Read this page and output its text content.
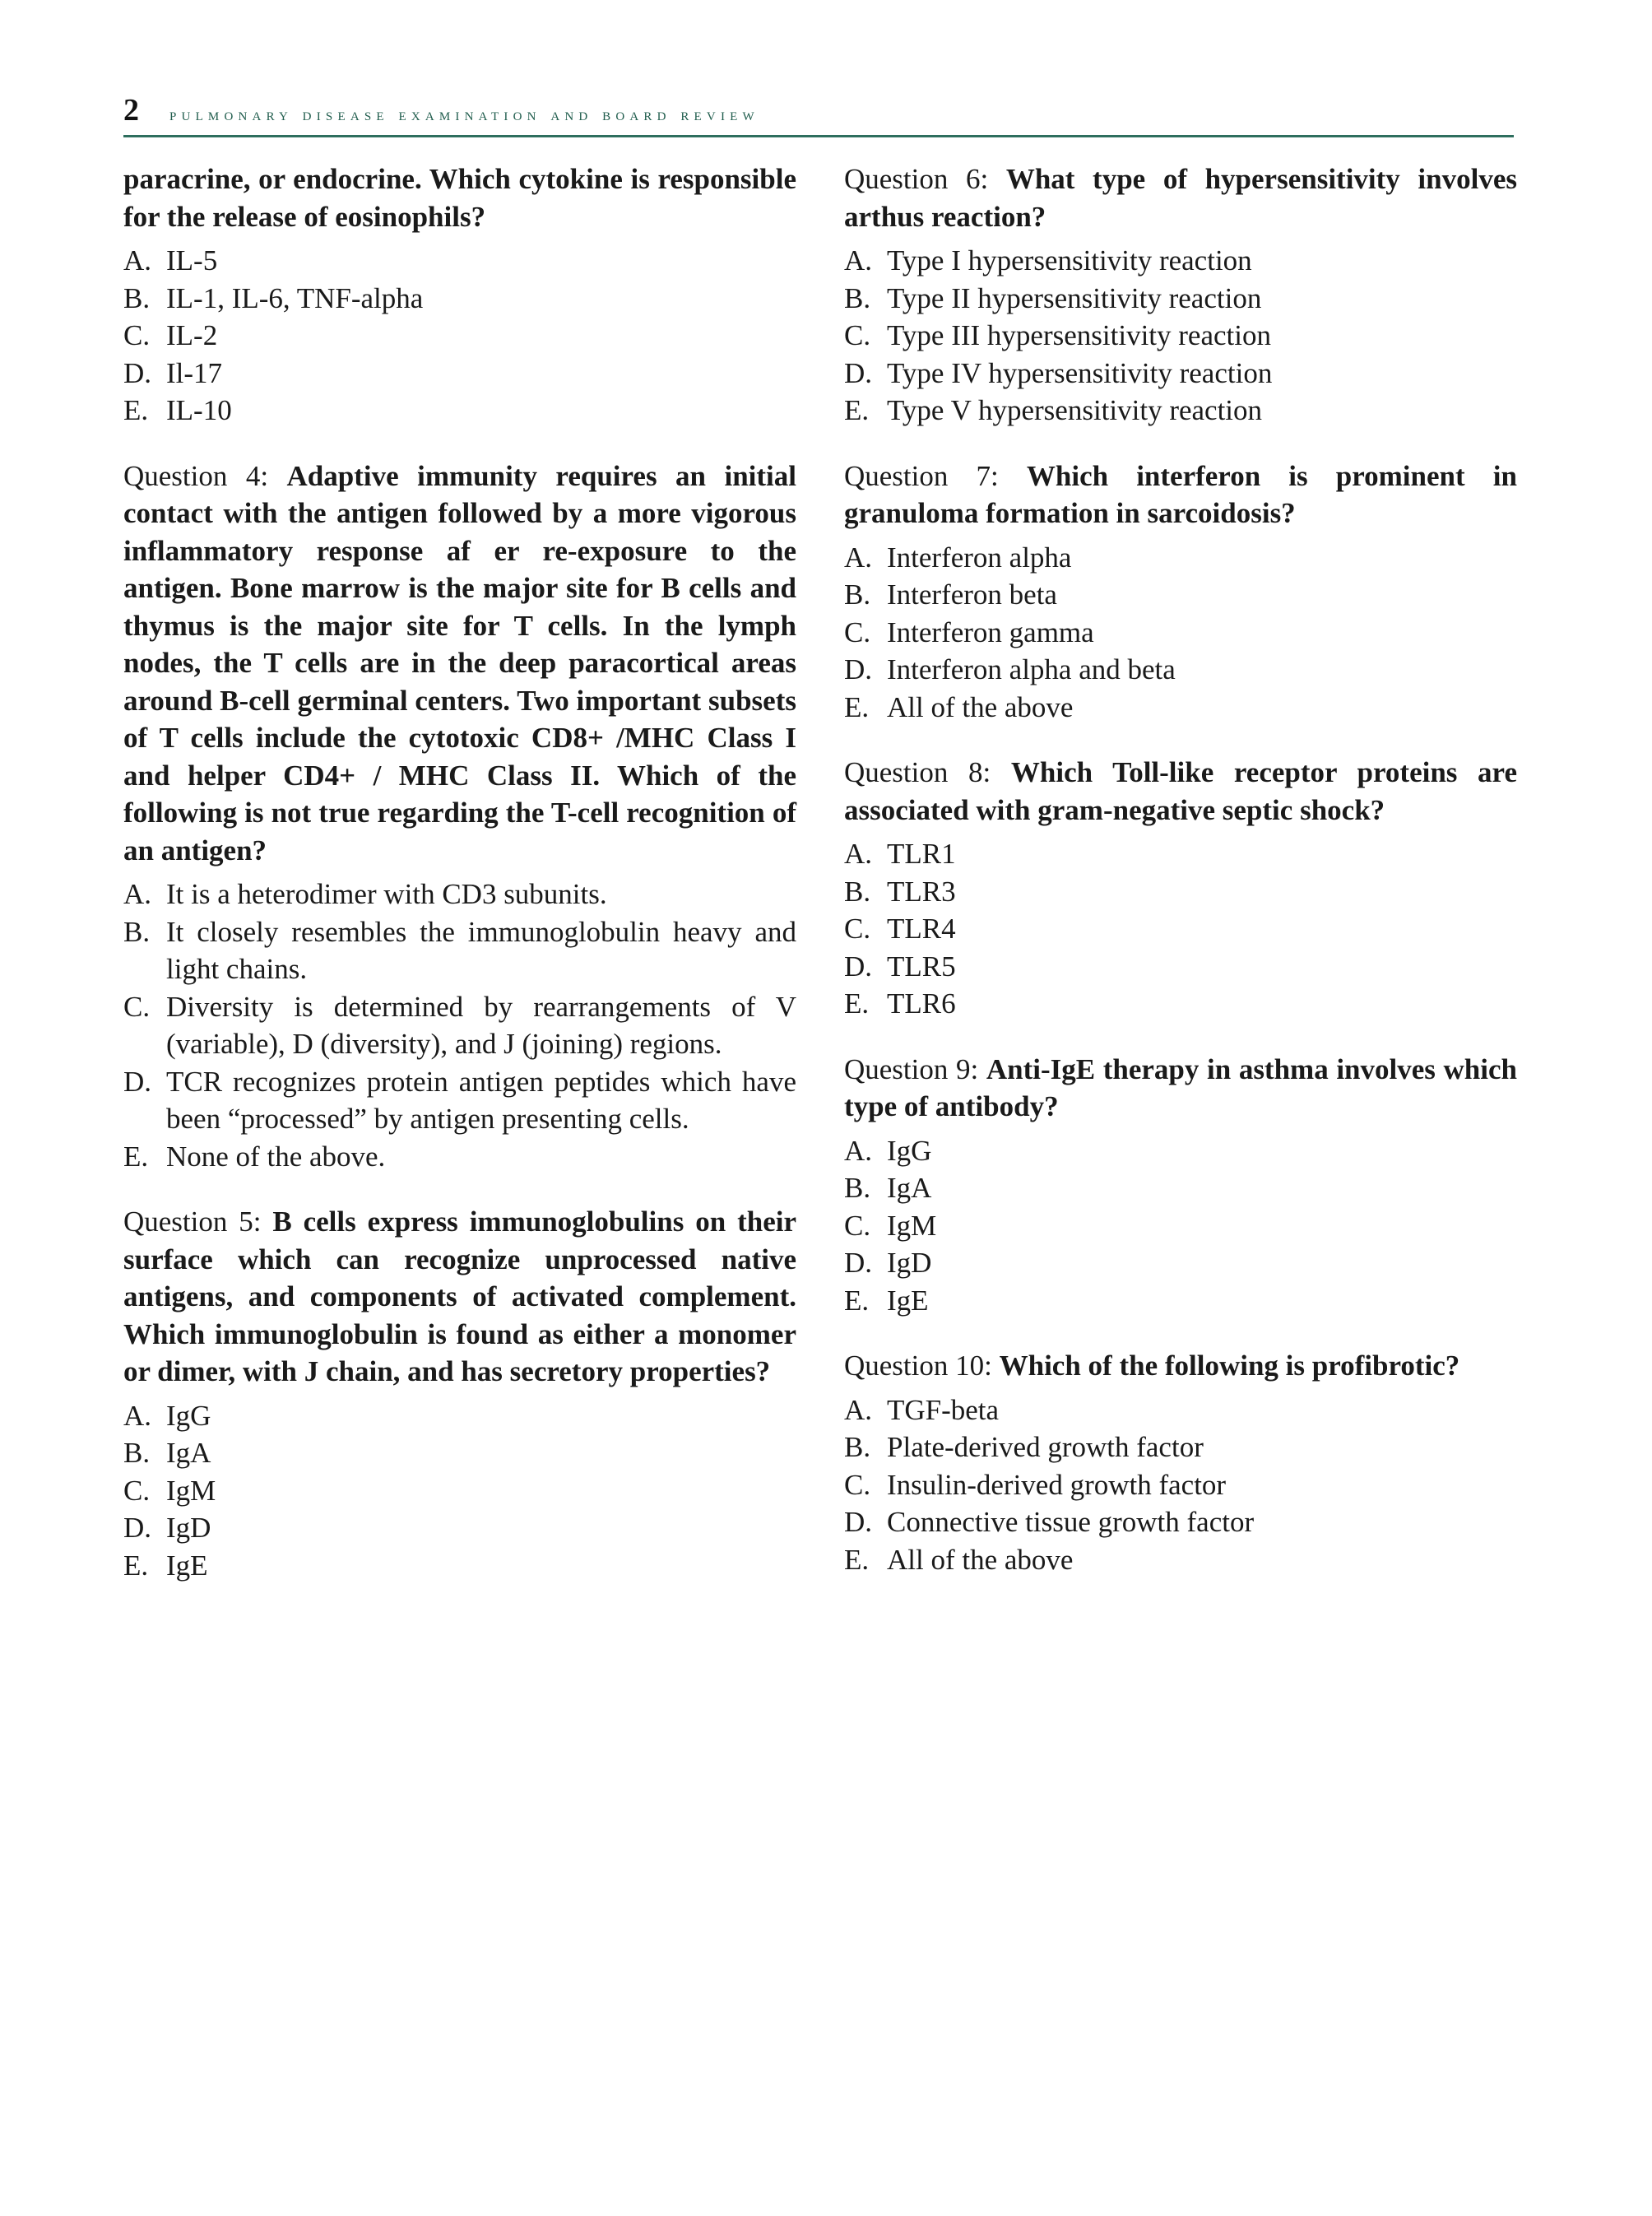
2 pulmonary disease examination and board review
paracrine, or endocrine. Which cytokine is responsible for the release of eosinophils?
A. IL-5
B. IL-1, IL-6, TNF-alpha
C. IL-2
D. Il-17
E. IL-10
Question 4: Adaptive immunity requires an initial contact with the antigen followed by a more vigorous inflammatory response af er re-exposure to the antigen. Bone marrow is the major site for B cells and thymus is the major site for T cells. In the lymph nodes, the T cells are in the deep paracortical areas around B-cell germinal centers. Two important subsets of T cells include the cytotoxic CD8+ /MHC Class I and helper CD4+ / MHC Class II. Which of the following is not true regarding the T-cell recognition of an antigen?
A. It is a heterodimer with CD3 subunits.
B. It closely resembles the immunoglobulin heavy and light chains.
C. Diversity is determined by rearrangements of V (variable), D (diversity), and J (joining) regions.
D. TCR recognizes protein antigen peptides which have been “processed” by antigen presenting cells.
E. None of the above.
Question 5: B cells express immunoglobulins on their surface which can recognize unprocessed native antigens, and components of activated complement. Which immunoglobulin is found as either a monomer or dimer, with J chain, and has secretory properties?
A. IgG
B. IgA
C. IgM
D. IgD
E. IgE
Question 6: What type of hypersensitivity involves arthus reaction?
A. Type I hypersensitivity reaction
B. Type II hypersensitivity reaction
C. Type III hypersensitivity reaction
D. Type IV hypersensitivity reaction
E. Type V hypersensitivity reaction
Question 7: Which interferon is prominent in granuloma formation in sarcoidosis?
A. Interferon alpha
B. Interferon beta
C. Interferon gamma
D. Interferon alpha and beta
E. All of the above
Question 8: Which Toll-like receptor proteins are associated with gram-negative septic shock?
A. TLR1
B. TLR3
C. TLR4
D. TLR5
E. TLR6
Question 9: Anti-IgE therapy in asthma involves which type of antibody?
A. IgG
B. IgA
C. IgM
D. IgD
E. IgE
Question 10: Which of the following is profibrotic?
A. TGF-beta
B. Plate-derived growth factor
C. Insulin-derived growth factor
D. Connective tissue growth factor
E. All of the above
